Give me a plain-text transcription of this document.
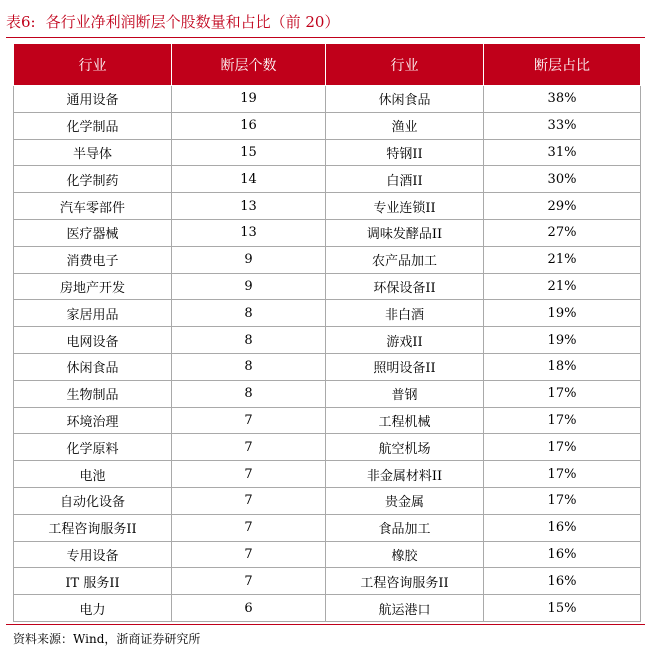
表6: 各行业净利润断层个股数量和占比（前 20）
行业	断层个数	行业	断层占比
通用设备	19	休闲食品	38%
化学制品	16	渔业	33%
半导体	15	特钢II	31%
化学制药	14	白酒II	30%
汽车零部件	13	专业连锁II	29%
医疗器械	13	调味发酵品II	27%
消费电子	9	农产品加工	21%
房地产开发	9	环保设备II	21%
家居用品	8	非白酒	19%
电网设备	8	游戏II	19%
休闲食品	8	照明设备II	18%
生物制品	8	普钢	17%
环境治理	7	工程机械	17%
化学原料	7	航空机场	17%
电池	7	非金属材料II	17%
自动化设备	7	贵金属	17%
工程咨询服务II	7	食品加工	16%
专用设备	7	橡胶	16%
IT 服务II	7	工程咨询服务II	16%
电力	6	航运港口	15%
资料来源：Wind，浙商证券研究所
